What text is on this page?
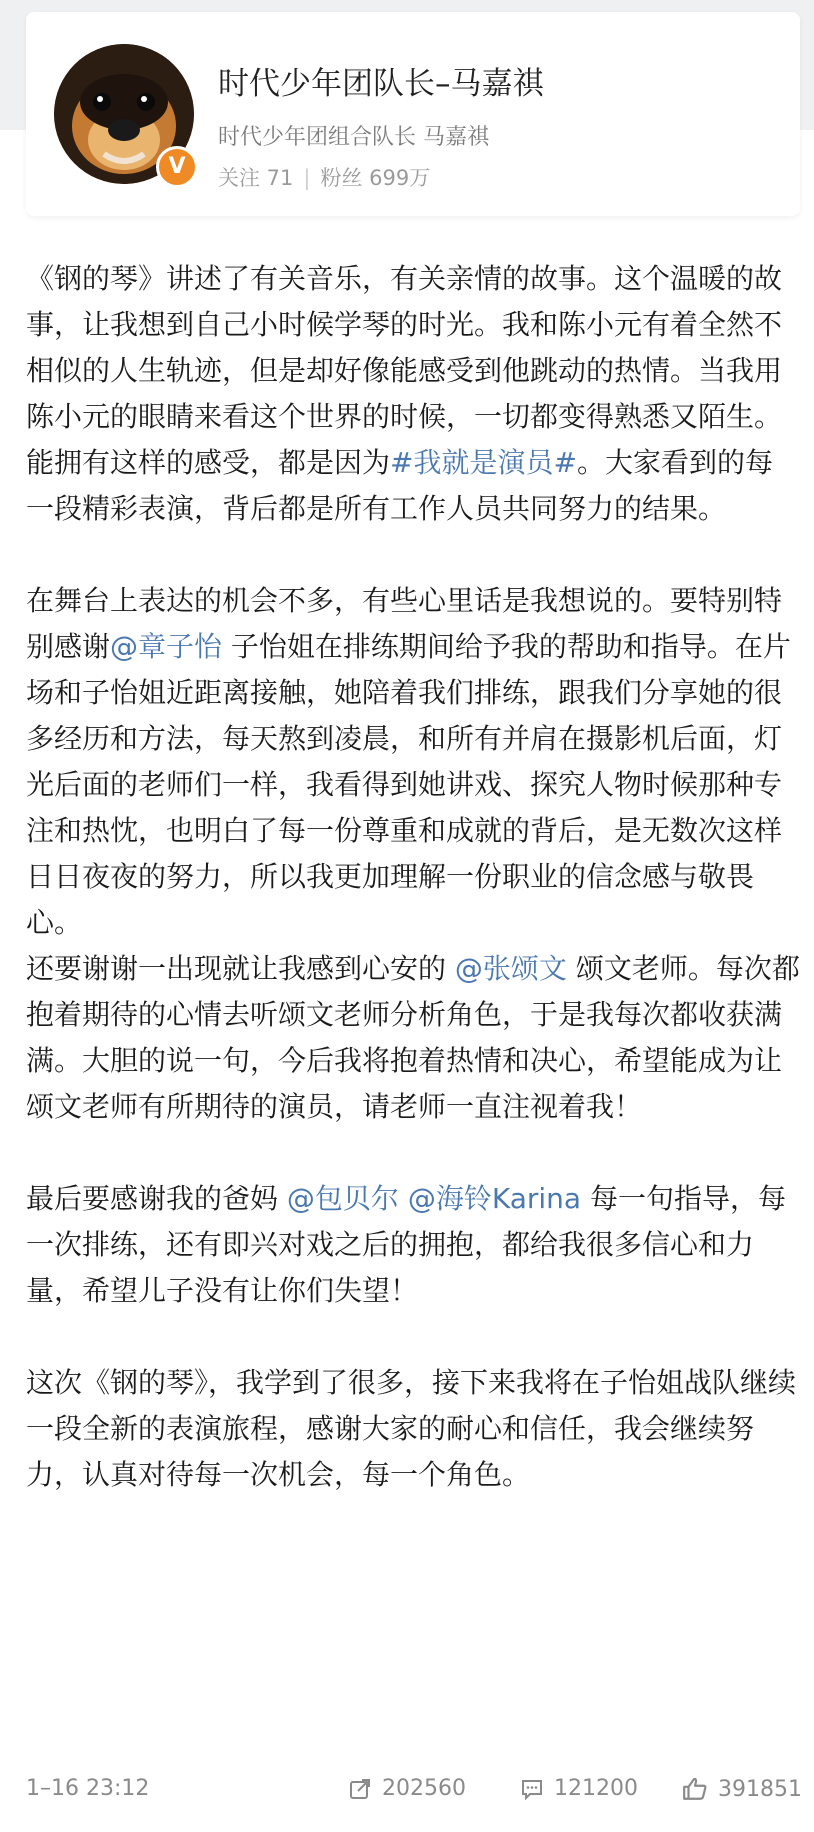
V
时代少年团队长–马嘉祺
时代少年团组合队长 马嘉祺
关注 71 | 粉丝 699万

《钢的琴》讲述了有关音乐，有关亲情的故事。这个温暖的故事，让我想到自己小时候学琴的时光。我和陈小元有着全然不相似的人生轨迹，但是却好像能感受到他跳动的热情。当我用陈小元的眼睛来看这个世界的时候，一切都变得熟悉又陌生。

能拥有这样的感受，都是因为#我就是演员#。大家看到的每一段精彩表演，背后都是所有工作人员共同努力的结果。

在舞台上表达的机会不多，有些心里话是我想说的。要特别特别感谢@章子怡 子怡姐在排练期间给予我的帮助和指导。在片场和子怡姐近距离接触，她陪着我们排练，跟我们分享她的很多经历和方法，每天熬到凌晨，和所有并肩在摄影机后面，灯光后面的老师们一样，我看得到她讲戏、探究人物时候那种专注和热忱，也明白了每一份尊重和成就的背后，是无数次这样日日夜夜的努力，所以我更加理解一份职业的信念感与敬畏心。

还要谢谢一出现就让我感到心安的 @张颂文 颂文老师。每次都抱着期待的心情去听颂文老师分析角色，于是我每次都收获满满。大胆的说一句，今后我将抱着热情和决心，希望能成为让颂文老师有所期待的演员，请老师一直注视着我！

最后要感谢我的爸妈 @包贝尔 @海铃Karina 每一句指导，每一次排练，还有即兴对戏之后的拥抱，都给我很多信心和力量，希望儿子没有让你们失望！

这次《钢的琴》，我学到了很多，接下来我将在子怡姐战队继续一段全新的表演旅程，感谢大家的耐心和信任，我会继续努力，认真对待每一次机会，每一个角色。

1–16 23:12	202560	121200	391851
